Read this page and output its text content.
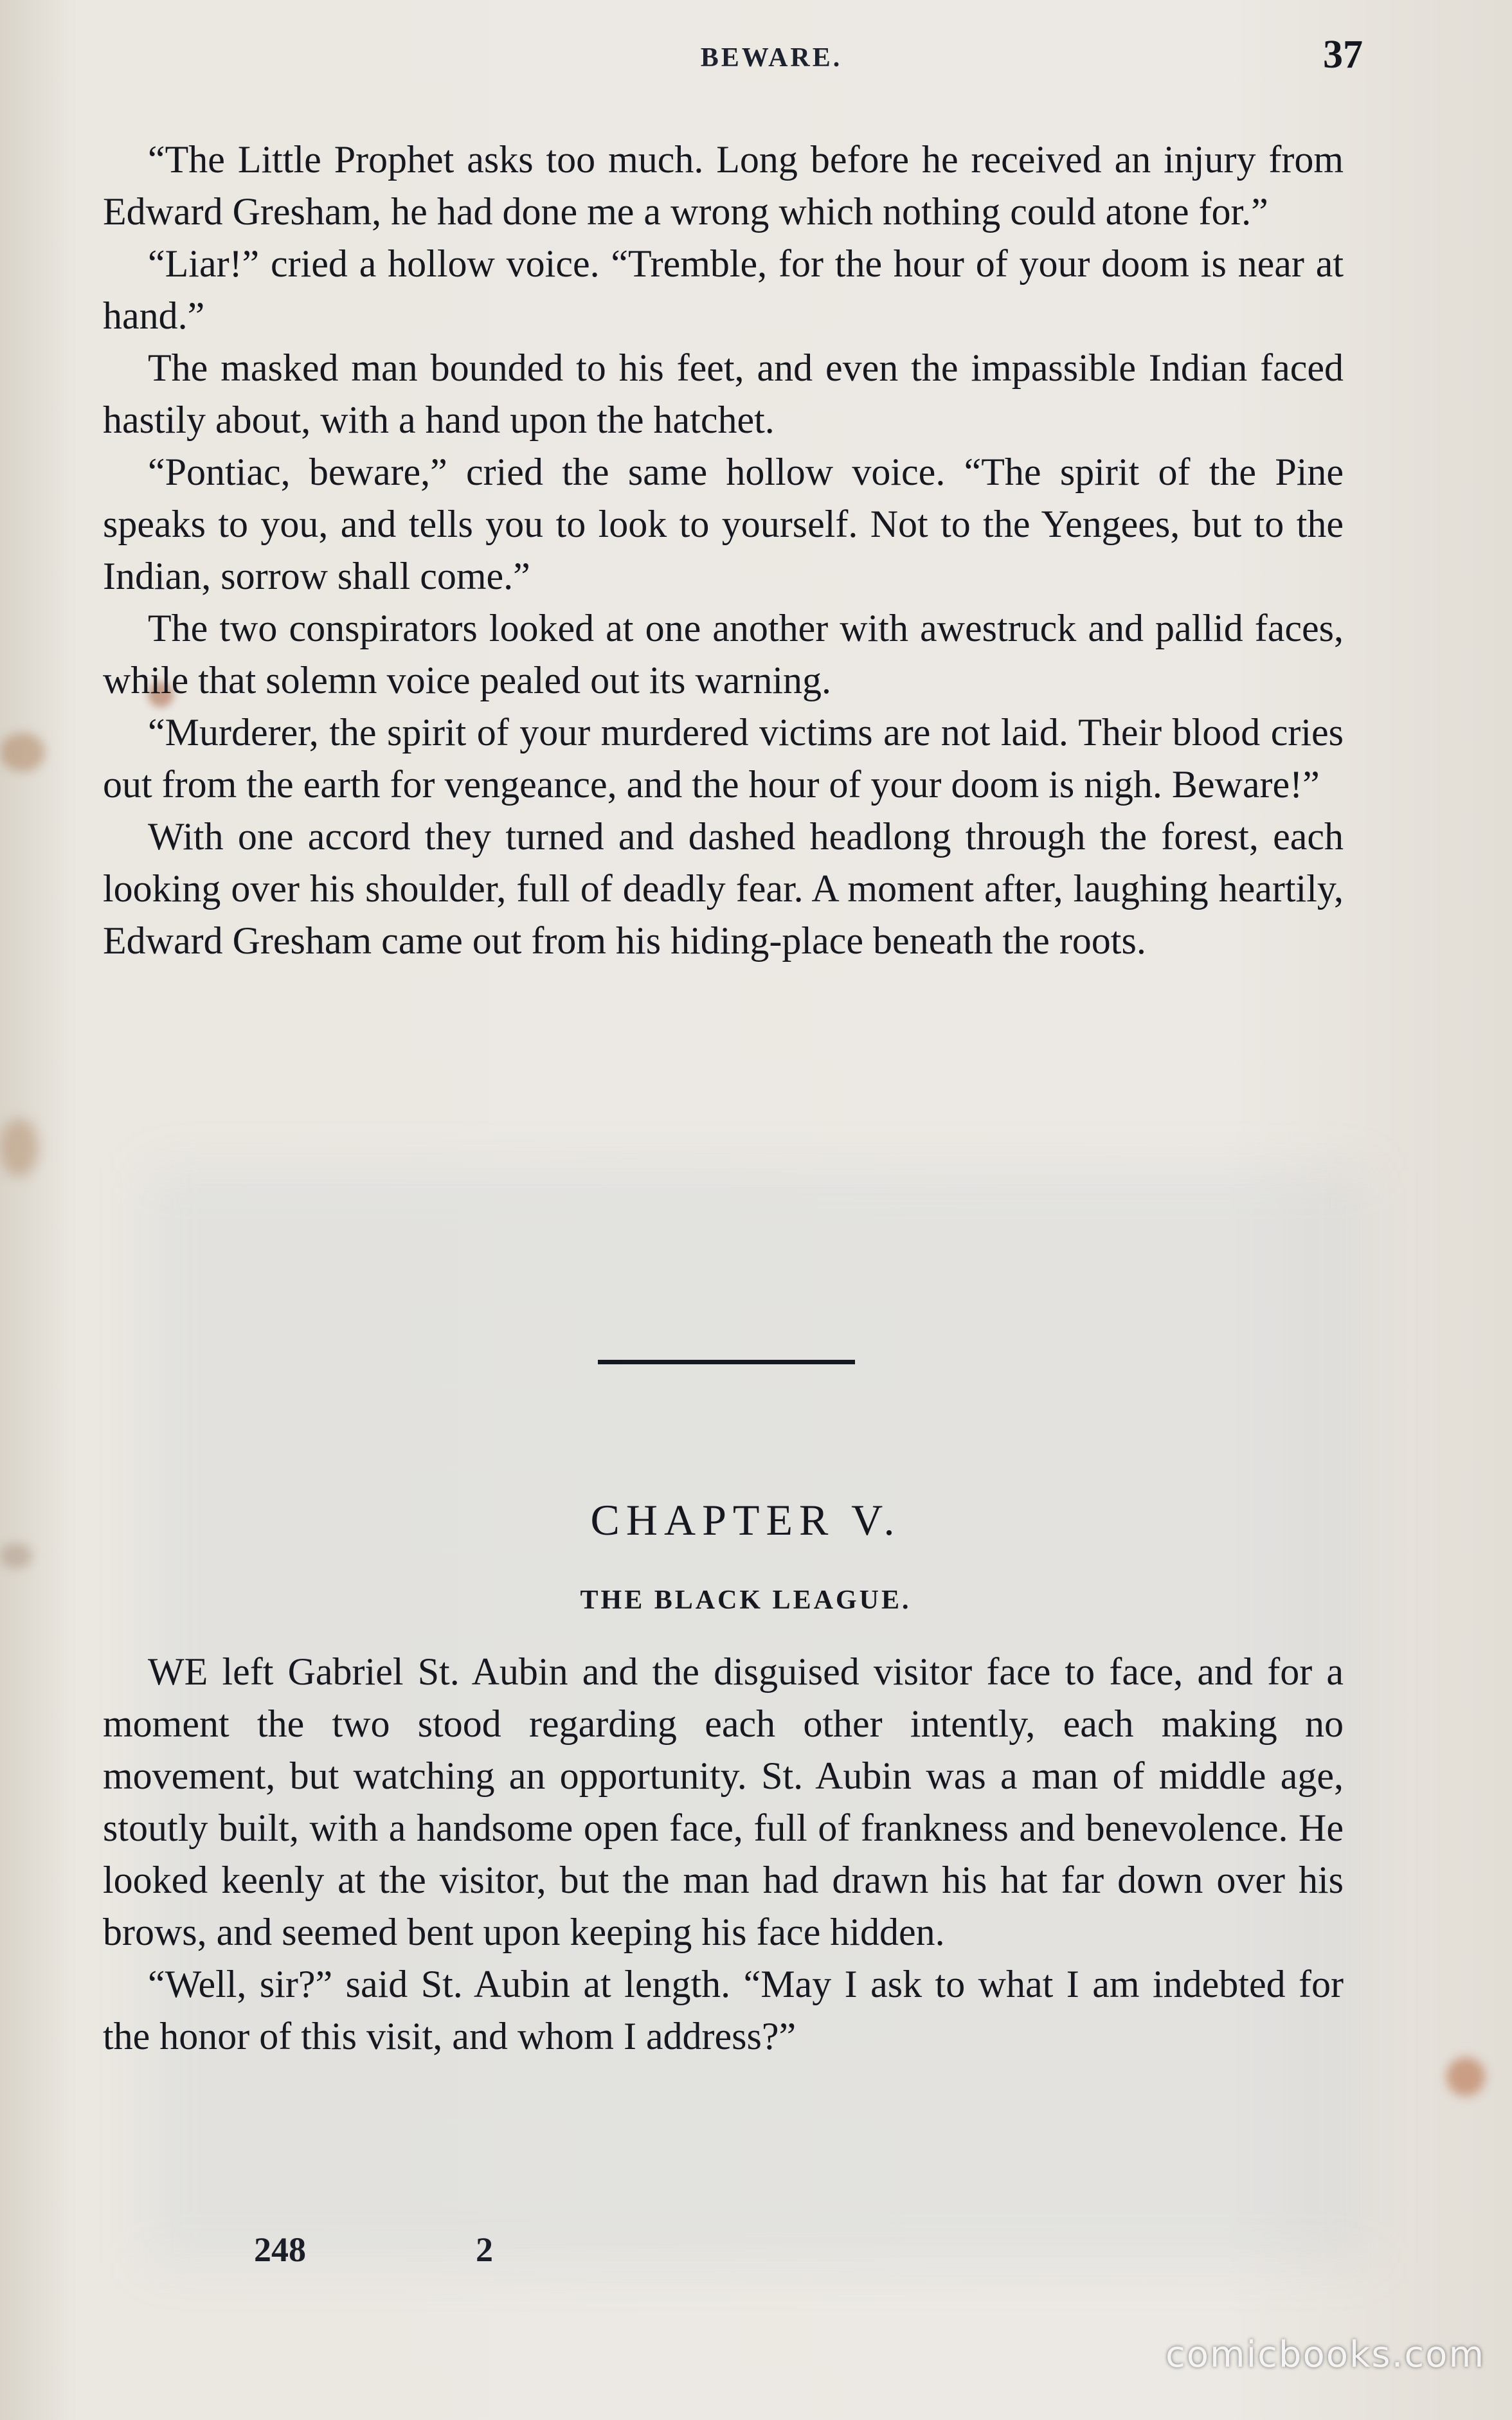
BEWARE.	37

“The Little Prophet asks too much. Long before he received an injury from Edward Gresham, he had done me a wrong which nothing could atone for.”

“Liar!” cried a hollow voice. “Tremble, for the hour of your doom is near at hand.”

The masked man bounded to his feet, and even the impassible Indian faced hastily about, with a hand upon the hatchet.

“Pontiac, beware,” cried the same hollow voice. “The spirit of the Pine speaks to you, and tells you to look to yourself. Not to the Yengees, but to the Indian, sorrow shall come.”

The two conspirators looked at one another with awestruck and pallid faces, while that solemn voice pealed out its warning.

“Murderer, the spirit of your murdered victims are not laid. Their blood cries out from the earth for vengeance, and the hour of your doom is nigh. Beware!”

With one accord they turned and dashed headlong through the forest, each looking over his shoulder, full of deadly fear. A moment after, laughing heartily, Edward Gresham came out from his hiding-place beneath the roots.

CHAPTER V.
THE BLACK LEAGUE.

WE left Gabriel St. Aubin and the disguised visitor face to face, and for a moment the two stood regarding each other intently, each making no movement, but watching an opportunity. St. Aubin was a man of middle age, stoutly built, with a handsome open face, full of frankness and benevolence. He looked keenly at the visitor, but the man had drawn his hat far down over his brows, and seemed bent upon keeping his face hidden.

“Well, sir?” said St. Aubin at length. “May I ask to what I am indebted for the honor of this visit, and whom I address?”

248	2
comicbooks.com
